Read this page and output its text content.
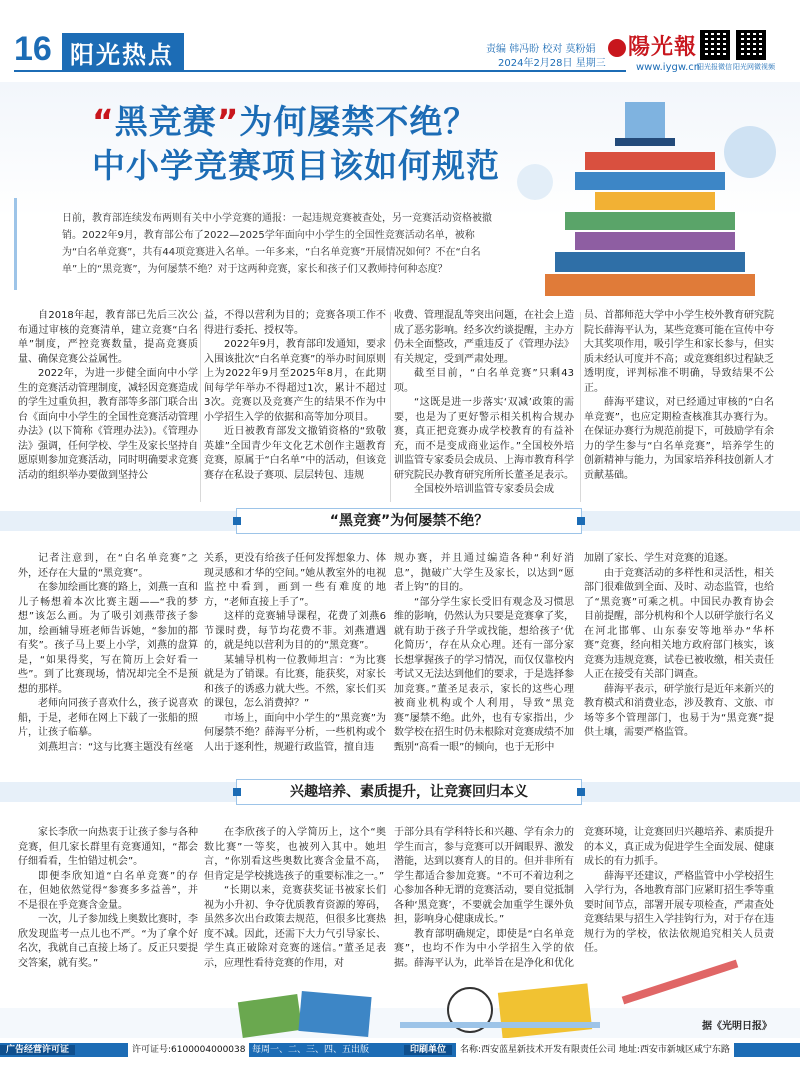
16 阳光热点	责编 韩冯盼 校对 莫粉娟
2024年2月28日 星期三
陽光報
www.iygw.cn
阳光报微信 阳光网微视频
“黑竞赛”为何屡禁不绝？
中小学竞赛项目该如何规范
日前，教育部连续发布两则有关中小学竞赛的通报：一起违规竞赛被查处，另一竞赛活动资格被撤销。2022年9月，教育部公布了2022—2025学年面向中小学生的全国性竞赛活动名单，被称为“白名单竞赛”，共有44项竞赛进入名单。一年多来，“白名单竞赛”开展情况如何？不在“白名单”上的“黑竞赛”，为何屡禁不绝？对于这两种竞赛，家长和孩子们又教师持何种态度？

自2018年起，教育部已先后三次公布通过审核的竞赛清单，建立竞赛“白名单”制度，严控竞赛数量，提高竞赛质量、确保竞赛公益属性。

2022年，为进一步健全面向中小学生的竞赛活动管理制度，减轻因竞赛造成的学生过重负担，教育部等多部门联合出台《面向中小学生的全国性竞赛活动管理办法》(以下简称《管理办法》)。《管理办法》强调，任何学校、学生及家长坚持自愿原则参加竞赛活动，同时明确要求竞赛活动的组织举办要做到坚持公

益，不得以营利为目的；竞赛各项工作不得进行委托、授权等。

2022年9月，教育部印发通知，要求入围该批次“白名单竞赛”的举办时间原则上为2022年9月至2025年8月，在此期间每学年举办不得超过1次，累计不超过3次。竞赛以及竞赛产生的结果不作为中小学招生入学的依据和高等加分项目。

近日被教育部发文撤销资格的“致敬英雄”全国青少年文化艺术创作主题教育竞赛，原属于“白名单”中的活动，但该竞赛存在私设子赛项、层层转包、违规

收费、管理混乱等突出问题，在社会上造成了恶劣影响。经多次约谈提醒，主办方仍未全面整改，严重违反了《管理办法》有关规定，受到严肃处理。

截至目前，“白名单竞赛”只剩43项。

“这既是进一步落实‘双减’政策的需要，也是为了更好警示相关机构合规办赛，真正把竞赛办成学校教育的有益补充，而不是变成商业运作。”全国校外培训监管专家委员会成员、上海市教育科学研究院民办教育研究所所长董圣足表示。

全国校外培训监管专家委员会成

员、首都师范大学中小学生校外教育研究院院长薛海平认为，某些竞赛可能在宣传中夸大其奖项作用，吸引学生和家长参与，但实质未经认可度并不高；或竞赛组织过程缺乏透明度，评判标准不明确，导致结果不公正。

薛海平建议，对已经通过审核的“白名单竞赛”，也应定期检查核准其办赛行为。在保证办赛行为规范前提下，可鼓励学有余力的学生参与“白名单竞赛”，培养学生的创新精神与能力，为国家培养科技创新人才贡献基础。

“黑竞赛”为何屡禁不绝？

记者注意到，在“白名单竞赛”之外，还存在大量的“黑竞赛”。

在参加绘画比赛的路上，刘燕一直和儿子畅想着本次比赛主题——“我的梦想”该怎么画。为了吸引刘燕带孩子参加，绘画辅导班老师告诉她，“参加的都有奖”。孩子马上要上小学，刘燕的盘算是，“如果得奖，写在简历上会好看一些”。到了比赛现场，情况却完全不是预想的那样。

老师向同孩子喜欢什么，孩子说喜欢船，于是，老师在网上下载了一张船的照片，让孩子临摹。

刘燕坦言：“这与比赛主题没有丝毫

关系，更没有给孩子任何发挥想象力、体现灵感和才华的空间。”她从教室外的电视监控中看到，画到一些有难度的地方，“老师直接上手了”。

这样的竞赛辅导课程，花费了刘燕6节课时费，每节均花费不菲。刘燕遭遇的，就是纯以营利为目的的“黑竞赛”。

某辅导机构一位教师坦言：“为比赛就是为了销课。有比赛，能获奖，对家长和孩子的诱惑力就大些。不然，家长们买的课包，怎么消费掉？”

市场上，面向中小学生的“黑竞赛”为何屡禁不绝？薛海平分析，一些机构或个人出于逐利性，规避行政监管，擅自违

规办赛，并且通过编造各种“利好消息”，抛破广大学生及家长，以达到“愿者上钩”的目的。

“部分学生家长受旧有观念及习惯思维的影响，仍然认为只要是竞赛拿了奖，就有助于孩子升学或找能，想给孩子‘优化简历’，存在从众心理。还有一部分家长想掌握孩子的学习情况，而仅仅靠校内考试又无法达到他们的要求，于是选择参加竞赛。”董圣足表示，家长的这些心理被商业机构或个人利用，导致“黑竞赛”屡禁不绝。此外，也有专家指出，少数学校在招生时仍未根除对竞赛成绩不加甄别“高看一眼”的倾向，也于无形中

加剧了家长、学生对竞赛的追逐。

由于竞赛活动的多样性和灵活性，相关部门很难做到全面、及时、动态监管，也给了“黑竞赛”可乘之机。中国民办教育协会目前提醒，部分机构和个人以研学旅行名义在河北邯郸、山东泰安等地举办“华杯赛”竞赛，经向相关地方政府部门核实，该竞赛为违规竞赛，试卷已被收缴，相关责任人正在接受有关部门调查。

薛海平表示，研学旅行是近年来新兴的教育模式和消费业态，涉及教育、文旅、市场等多个管理部门，也易于为“黑竞赛”提供土壤，需要严格监管。

兴趣培养、素质提升，让竞赛回归本义

家长李欣一向热衷于让孩子参与各种竞赛，但几家长群里有竞赛通知，“都会仔细看看，生怕错过机会”。

即便李欣知道“白名单竞赛”的存在，但她依然觉得“参赛多多益善”，并不是很在乎竞赛含金量。

一次，儿子参加线上奥数比赛时，李欣发现监考一点儿也不严。“为了拿个好名次，我就自己直接上场了。反正只要提交答案，就有奖。”

在李欣孩子的入学简历上，这个“奥数比赛”一等奖，也被列入其中。她坦言，“你别看这些奥数比赛含金量不高，但肯定是学校挑选孩子的重要标准之一。”

“长期以来，竞赛获奖证书被家长们视为小升初、争夺优质教育资源的筹码，虽然多次出台政策去规范，但很多比赛热度不减。因此，还需下大力气引导家长、学生真正破除对竞赛的迷信。”董圣足表示，应理性看待竞赛的作用，对

于部分具有学科特长和兴趣、学有余力的学生而言，参与竞赛可以开阔眼界、激发潜能，达到以赛育人的目的。但并非所有学生都适合参加竞赛。“不可不着边利之心参加各种无谓的竞赛活动，要自觉抵制各种‘黑竞赛’，不要就会加重学生课外负担，影响身心健康成长。”

教育部明确规定，即使是“白名单竞赛”，也均不作为中小学招生入学的依据。薛海平认为，此举旨在是净化和优化

竞赛环境，让竞赛回归兴趣培养、素质提升的本义，真正成为促进学生全面发展、健康成长的有力抓手。

薛海平还建议，严格监管中小学校招生入学行为，各地教育部门应紧盯招生季等重要时间节点，部署开展专项检查，严肃查处竞赛结果与招生入学挂钩行为，对于存在违规行为的学校，依法依规追究相关人员责任。

据《光明日报》
广告经营许可证	许可证号:6100004000038 每周一、二、三、四、五出版	印刷单位	名称:西安蓝星新技术开发有限责任公司 地址:西安市新城区咸宁东路
